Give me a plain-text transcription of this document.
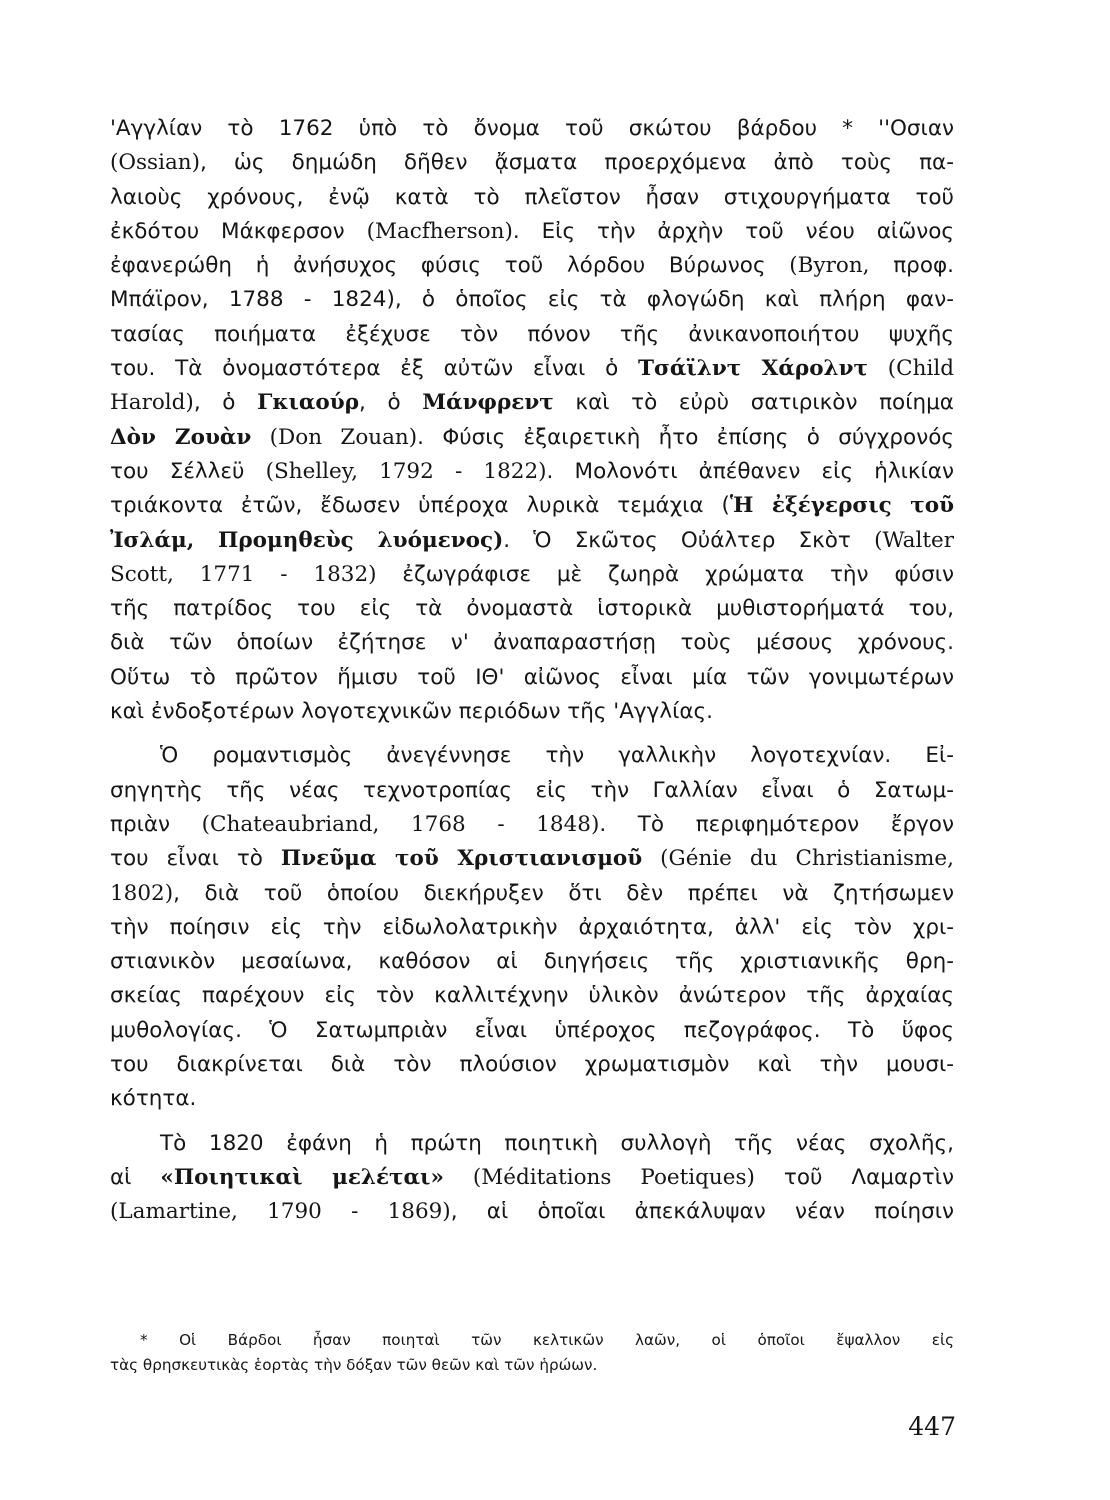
'Αγγλίαν τὸ 1762 ὑπὸ τὸ ὄνομα τοῦ σκώτου βάρδου * ''Οσιαν
(Ossian), ὡς δημώδη δῆθεν ᾄσματα προερχόμενα ἀπὸ τοὺς πα-
λαιοὺς χρόνους, ἐνῷ κατὰ τὸ πλεῖστον ἦσαν στιχουργήματα τοῦ
ἐκδότου Μάκφερσον (Macfherson). Εἰς τὴν ἀρχὴν τοῦ νέου αἰῶνος
ἐφανερώθη ἡ ἀνήσυχος φύσις τοῦ λόρδου Βύρωνος (Byron, προφ.
Μπάϊρον, 1788 - 1824), ὁ ὁποῖος εἰς τὰ φλογώδη καὶ πλήρη φαν-
τασίας ποιήματα ἐξέχυσε τὸν πόνον τῆς ἀνικανοποιήτου ψυχῆς
του. Τὰ ὀνομαστότερα ἐξ αὐτῶν εἶναι ὁ Τσάϊλντ Χάρολντ (Child
Harold), ὁ Γκιαούρ, ὁ Μάνφρεντ καὶ τὸ εὐρὺ σατιρικὸν ποίημα
Δὸν Ζουὰν (Don Zouan). Φύσις ἐξαιρετικὴ ἦτο ἐπίσης ὁ σύγχρονός
του Σέλλεϋ (Shelley, 1792 - 1822). Μολονότι ἀπέθανεν εἰς ἡλικίαν
τριάκοντα ἐτῶν, ἔδωσεν ὑπέροχα λυρικὰ τεμάχια (Ἡ ἐξέγερσις τοῦ
Ἰσλάμ, Προμηθεὺς λυόμενος). Ὁ Σκῶτος Οὐάλτερ Σκὸτ (Walter
Scott, 1771 - 1832) ἐζωγράφισε μὲ ζωηρὰ χρώματα τὴν φύσιν
τῆς πατρίδος του εἰς τὰ ὀνομαστὰ ἱστορικὰ μυθιστορήματά του,
διὰ τῶν ὁποίων ἐζήτησε ν' ἀναπαραστήσῃ τοὺς μέσους χρόνους.
Οὕτω τὸ πρῶτον ἥμισυ τοῦ ΙΘ' αἰῶνος εἶναι μία τῶν γονιμωτέρων
καὶ ἐνδοξοτέρων λογοτεχνικῶν περιόδων τῆς 'Αγγλίας.
Ὁ ρομαντισμὸς ἀνεγέννησε τὴν γαλλικὴν λογοτεχνίαν. Εἰ-
σηγητὴς τῆς νέας τεχνοτροπίας εἰς τὴν Γαλλίαν εἶναι ὁ Σατωμ-
πριὰν (Chateaubriand, 1768 - 1848). Τὸ περιφημότερον ἔργον
του εἶναι τὸ Πνεῦμα τοῦ Χριστιανισμοῦ (Génie du Christianisme,
1802), διὰ τοῦ ὁποίου διεκήρυξεν ὅτι δὲν πρέπει νὰ ζητήσωμεν
τὴν ποίησιν εἰς τὴν εἰδωλολατρικὴν ἀρχαιότητα, ἀλλ' εἰς τὸν χρι-
στιανικὸν μεσαίωνα, καθόσον αἱ διηγήσεις τῆς χριστιανικῆς θρη-
σκείας παρέχουν εἰς τὸν καλλιτέχνην ὑλικὸν ἀνώτερον τῆς ἀρχαίας
μυθολογίας. Ὁ Σατωμπριὰν εἶναι ὑπέροχος πεζογράφος. Τὸ ὕφος
του διακρίνεται διὰ τὸν πλούσιον χρωματισμὸν καὶ τὴν μουσι-
κότητα.
Τὸ 1820 ἐφάνη ἡ πρώτη ποιητικὴ συλλογὴ τῆς νέας σχολῆς,
αἱ «Ποιητικαὶ μελέται» (Méditations Poetiques) τοῦ Λαμαρτὶν
(Lamartine, 1790 - 1869), αἱ ὁποῖαι ἀπεκάλυψαν νέαν ποίησιν
* Οἱ Βάρδοι ἦσαν ποιηταὶ τῶν κελτικῶν λαῶν, οἱ ὁποῖοι ἔψαλλον εἰς
τὰς θρησκευτικὰς ἑορτὰς τὴν δόξαν τῶν θεῶν καὶ τῶν ἡρώων.
447
